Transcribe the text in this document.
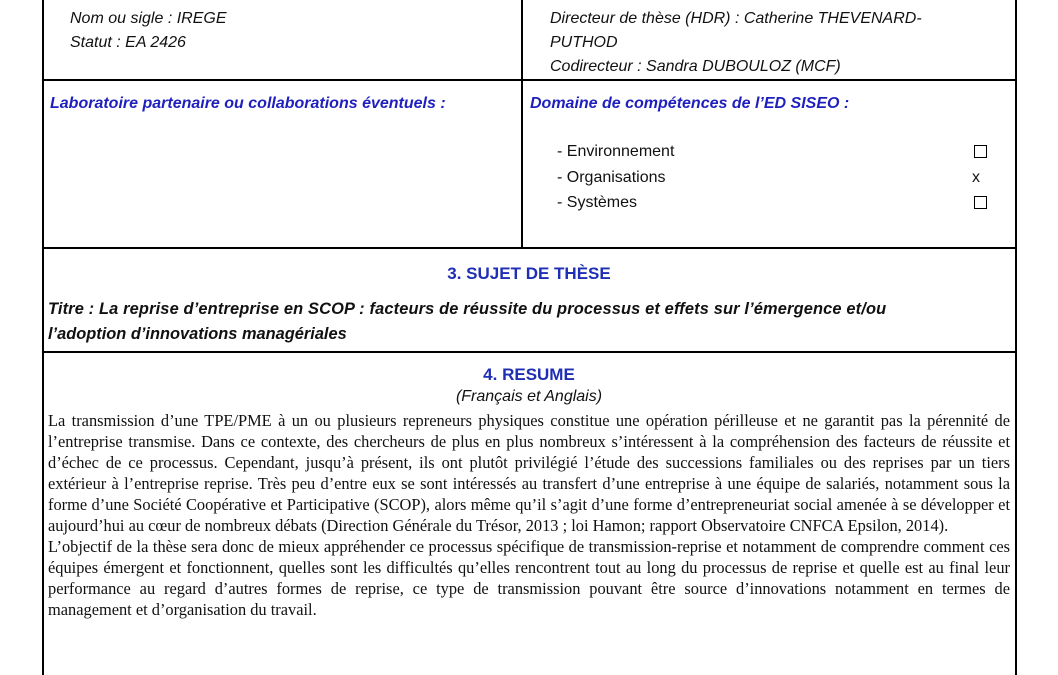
Nom ou sigle : IREGE
Statut : EA 2426
Directeur de thèse (HDR) : Catherine THEVENARD-
PUTHOD
Codirecteur : Sandra DUBOULOZ (MCF)
Laboratoire partenaire ou collaborations éventuels :	Domaine de compétences de l’ED SISEO :
- Environnement
- Organisations	x
- Systèmes
3. SUJET DE THÈSE
Titre : La reprise d’entreprise en SCOP : facteurs de réussite du processus et effets sur l’émergence et/ou
l’adoption d’innovations managériales
4. RESUME
(Français et Anglais)

La transmission d’une TPE/PME à un ou plusieurs repreneurs physiques constitue une opération périlleuse et ne garantit pas la pérennité de l’entreprise transmise. Dans ce contexte, des chercheurs de plus en plus nombreux s’intéressent à la compréhension des facteurs de réussite et d’échec de ce processus. Cependant, jusqu’à présent, ils ont plutôt privilégié l’étude des successions familiales ou des reprises par un tiers extérieur à l’entreprise reprise. Très peu d’entre eux se sont intéressés au transfert d’une entreprise à une équipe de salariés, notamment sous la forme d’une Société Coopérative et Participative (SCOP), alors même qu’il s’agit d’une forme d’entrepreneuriat social amenée à se développer et aujourd’hui au cœur de nombreux débats (Direction Générale du Trésor, 2013 ; loi Hamon; rapport Observatoire CNFCA Epsilon, 2014).

L’objectif de la thèse sera donc de mieux appréhender ce processus spécifique de transmission-reprise et notamment de comprendre comment ces équipes émergent et fonctionnent, quelles sont les difficultés qu’elles rencontrent tout au long du processus de reprise et quelle est au final leur performance au regard d’autres formes de reprise, ce type de transmission pouvant être source d’innovations notamment en termes de management et d’organisation du travail.
